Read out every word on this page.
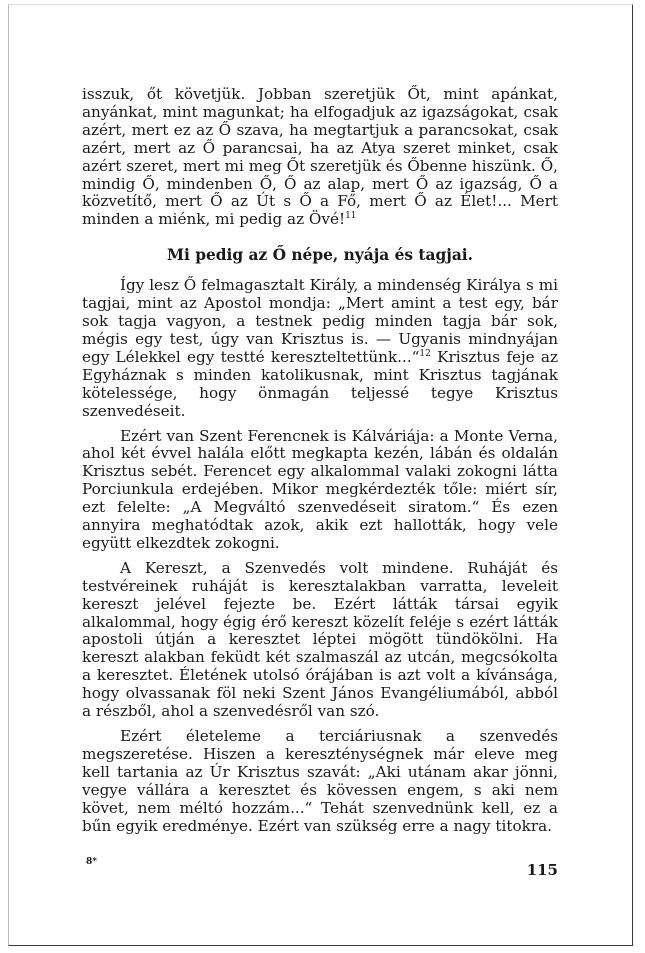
isszuk, őt követjük. Jobban szeretjük Őt, mint apánkat, anyánkat, mint magunkat; ha elfogadjuk az igazságokat, csak azért, mert ez az Ő szava, ha megtartjuk a parancsokat, csak azért, mert az Ő parancsai, ha az Atya szeret minket, csak azért szeret, mert mi meg Őt szeretjük és Őbenne hiszünk. Ő, mindig Ő, mindenben Ő, Ő az alap, mert Ő az igazság, Ő a közvetítő, mert Ő az Út s Ő a Fő, mert Ő az Élet!... Mert minden a miénk, mi pedig az Övé!$^{11}$

Mi pedig az Ő népe, nyája és tagjai.

Így lesz Ő felmagasztalt Király, a mindenség Királya s mi tagjai, mint az Apostol mondja: „Mert amint a test egy, bár sok tagja vagyon, a testnek pedig minden tagja bár sok, mégis egy test, úgy van Krisztus is. — Ugyanis mindnyájan egy Lélekkel egy testté kereszteltettünk...“$^{12}$ Krisztus feje az Egyháznak s minden katolikusnak, mint Krisztus tagjának kötelessége, hogy önmagán teljessé tegye Krisztus szenvedéseit.

Ezért van Szent Ferencnek is Kálváriája: a Monte Verna, ahol két évvel halála előtt megkapta kezén, lábán és oldalán Krisztus sebét. Ferencet egy alkalommal valaki zokogni látta Porciunkula erdejében. Mikor megkérdezték tőle: miért sír, ezt felelte: „A Megváltó szenvedéseit siratom.“ És ezen annyira meghatódtak azok, akik ezt hallották, hogy vele együtt elkezdtek zokogni.

A Kereszt, a Szenvedés volt mindene. Ruháját és testvéreinek ruháját is keresztalakban varratta, leveleit kereszt jelével fejezte be. Ezért látták társai egyik alkalommal, hogy égig érő kereszt közelít feléje s ezért látták apostoli útján a keresztet léptei mögött tündökölni. Ha kereszt alakban feküdt két szalmaszál az utcán, megcsókolta a keresztet. Életének utolsó órájában is azt volt a kívánsága, hogy olvassanak föl neki Szent János Evangéliumából, abból a részből, ahol a szenvedésről van szó.

Ezért életeleme a terciáriusnak a szenvedés megszeretése. Hiszen a kereszténységnek már eleve meg kell tartania az Úr Krisztus szavát: „Aki utánam akar jönni, vegye vállára a keresztet és kövessen engem, s aki nem követ, nem méltó hozzám...“ Tehát szenvednünk kell, ez a bűn egyik eredménye. Ezért van szükség erre a nagy titokra.

8*	115
